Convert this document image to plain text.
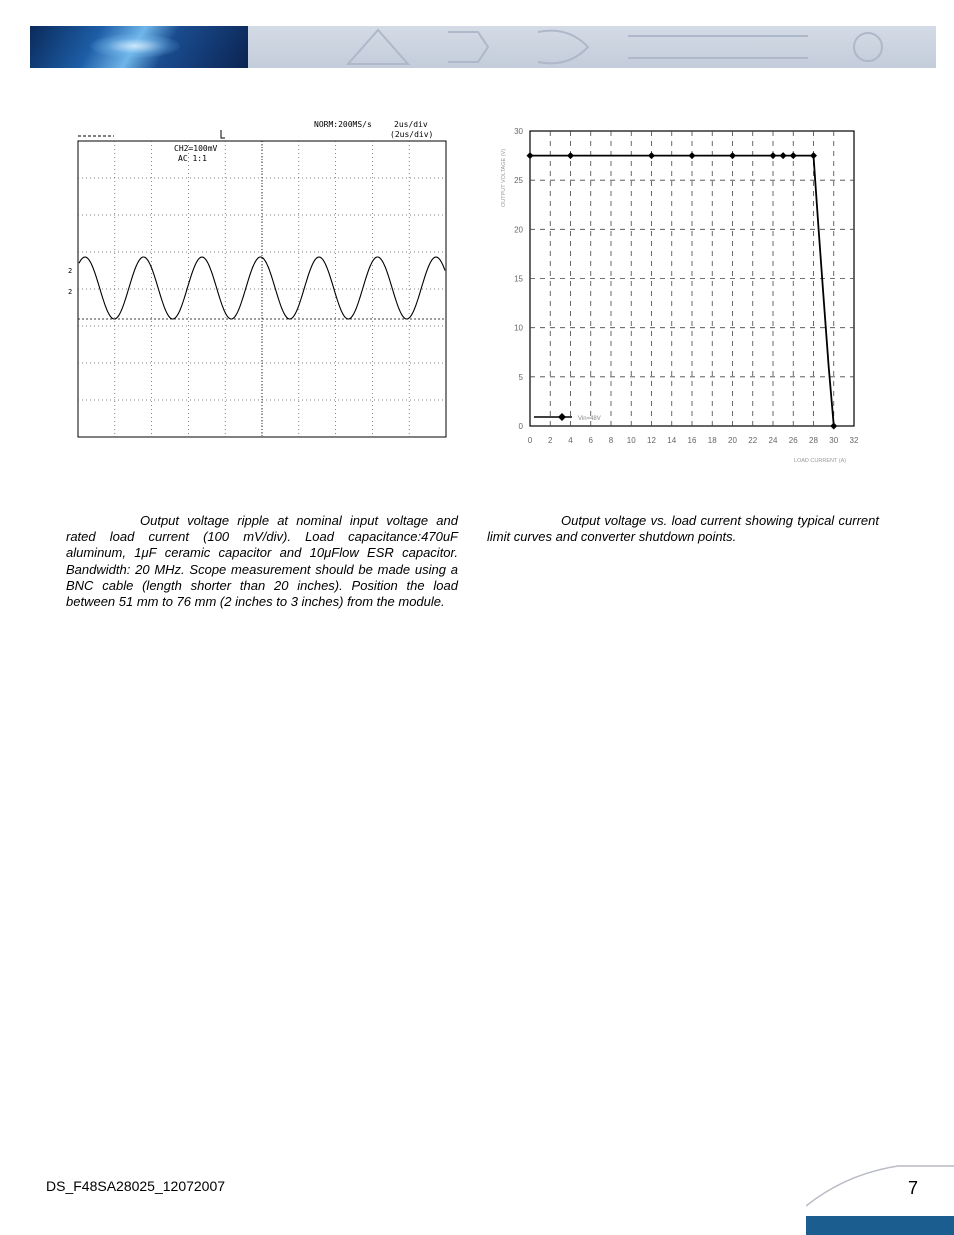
NORM:200MS/s	2us/div
(2us/div)
CH2=100mV
AC 1:1
2
2
0
5
10
15
20
25
30
0 2 4 6 8 10 12 14 16 18 20 22 24 26 28 30 32
Vin=48V
OUTPUT VOLTAGE (V)
LOAD CURRENT (A)
Output voltage ripple at nominal input voltage and rated load current (100 mV/div). Load capacitance:470uF aluminum, 1μF ceramic capacitor and 10μFlow ESR capacitor. Bandwidth: 20 MHz. Scope measurement should be made using a BNC cable (length shorter than 20 inches). Position the load between 51 mm to 76 mm (2 inches to 3 inches) from the module.
Output voltage vs. load current showing typical current limit curves and converter shutdown points.
DS_F48SA28025_12072007	7
